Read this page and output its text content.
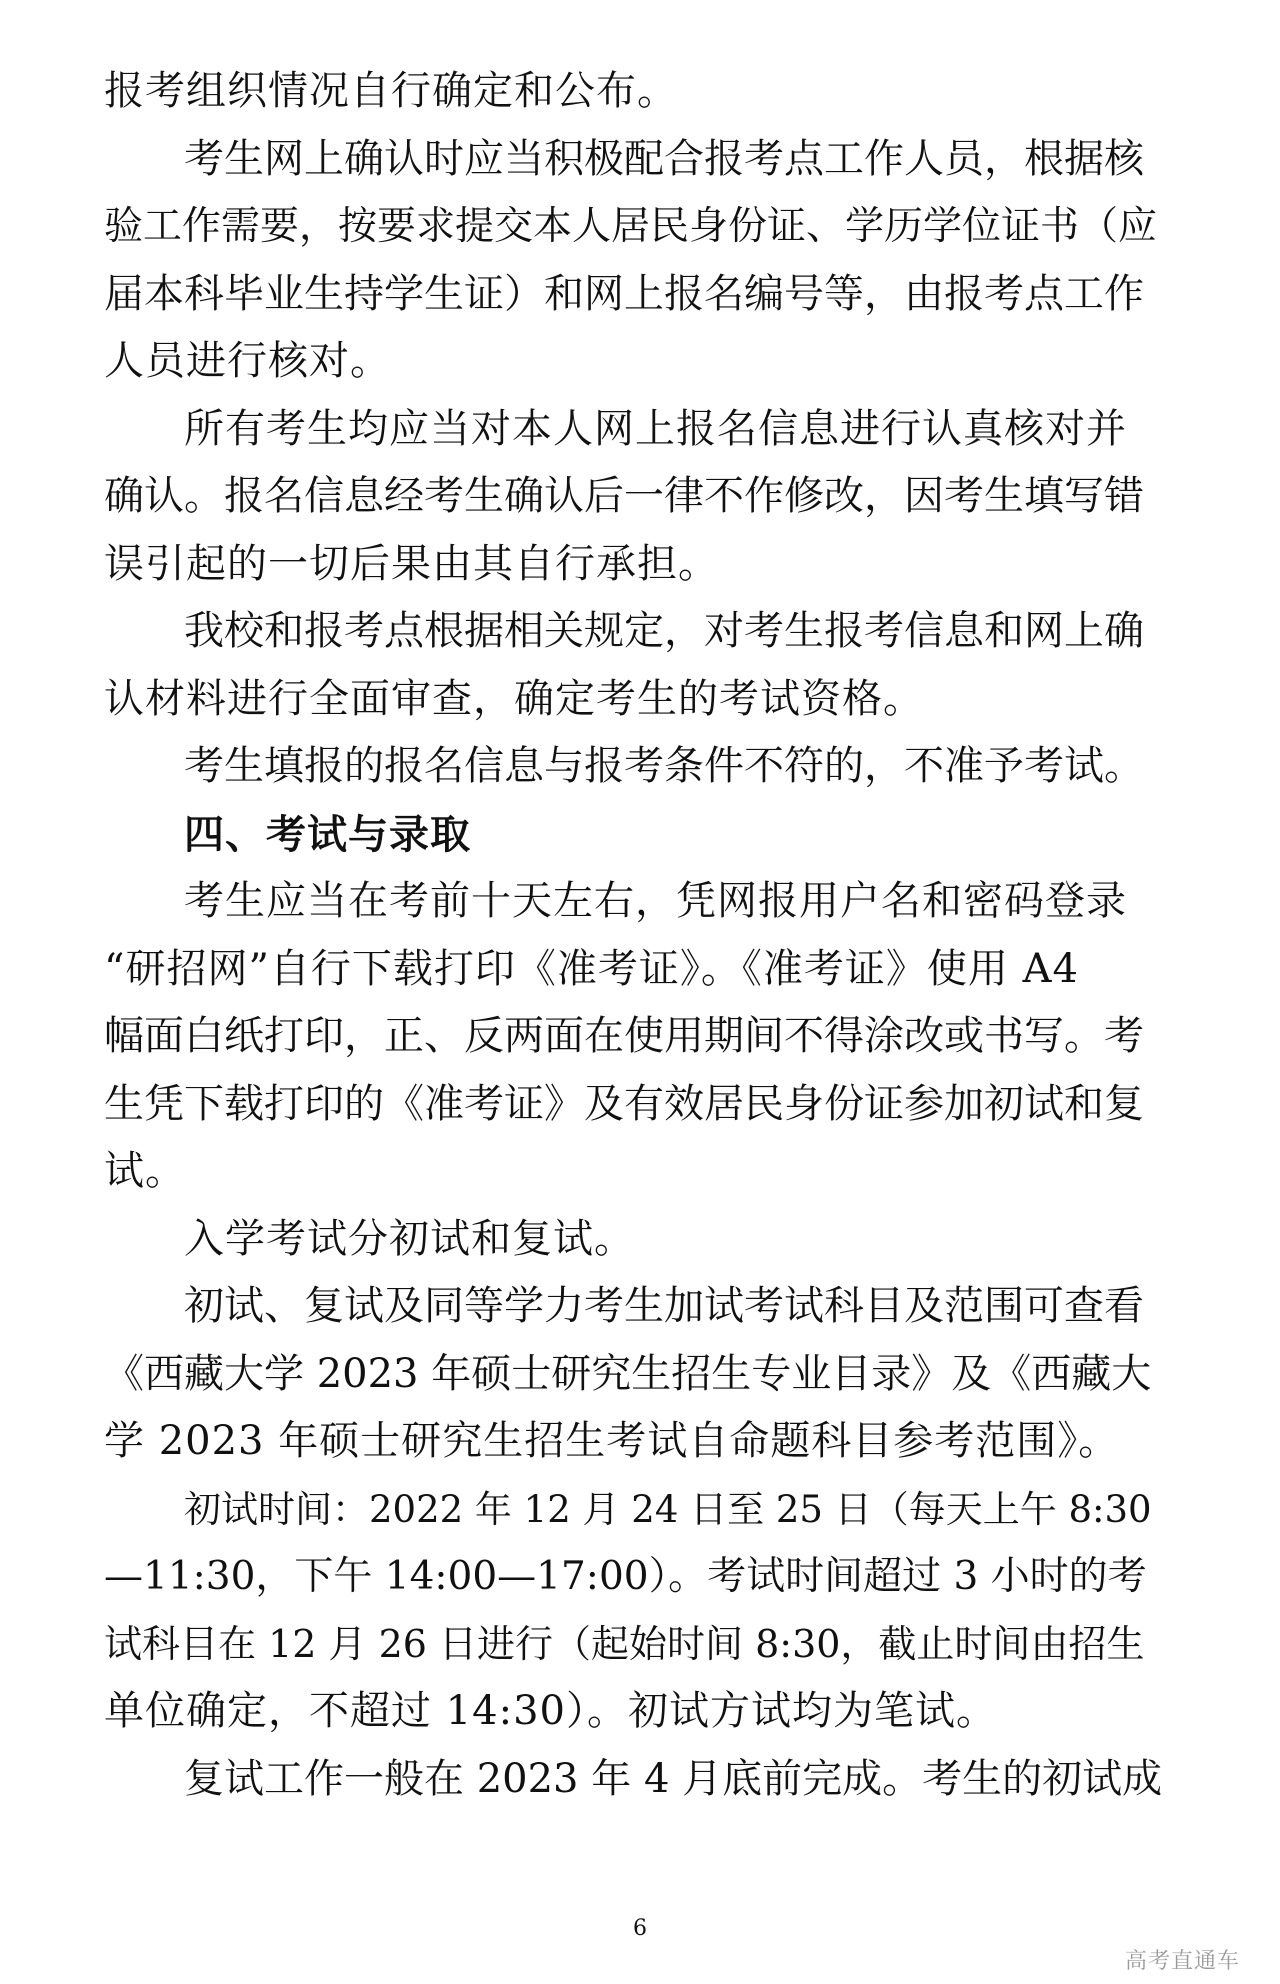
报考组织情况自行确定和公布。
考生网上确认时应当积极配合报考点工作人员，根据核
验工作需要，按要求提交本人居民身份证、学历学位证书（应
届本科毕业生持学生证）和网上报名编号等，由报考点工作
人员进行核对。
所有考生均应当对本人网上报名信息进行认真核对并
确认。报名信息经考生确认后一律不作修改，因考生填写错
误引起的一切后果由其自行承担。
我校和报考点根据相关规定，对考生报考信息和网上确
认材料进行全面审查，确定考生的考试资格。
考生填报的报名信息与报考条件不符的，不准予考试。
四、考试与录取
考生应当在考前十天左右，凭网报用户名和密码登录
“研招网”自行下载打印《准考证》。《准考证》使用 A4
幅面白纸打印，正、反两面在使用期间不得涂改或书写。考
生凭下载打印的《准考证》及有效居民身份证参加初试和复
试。
入学考试分初试和复试。
初试、复试及同等学力考生加试考试科目及范围可查看
《西藏大学 2023 年硕士研究生招生专业目录》及《西藏大
学 2023 年硕士研究生招生考试自命题科目参考范围》。
初试时间：2022 年 12 月 24 日至 25 日（每天上午 8:30
—11:30，下午 14:00—17:00）。考试时间超过 3 小时的考
试科目在 12 月 26 日进行（起始时间 8:30，截止时间由招生
单位确定，不超过 14:30）。初试方试均为笔试。
复试工作一般在 2023 年 4 月底前完成。考生的初试成
6
高考直通车
